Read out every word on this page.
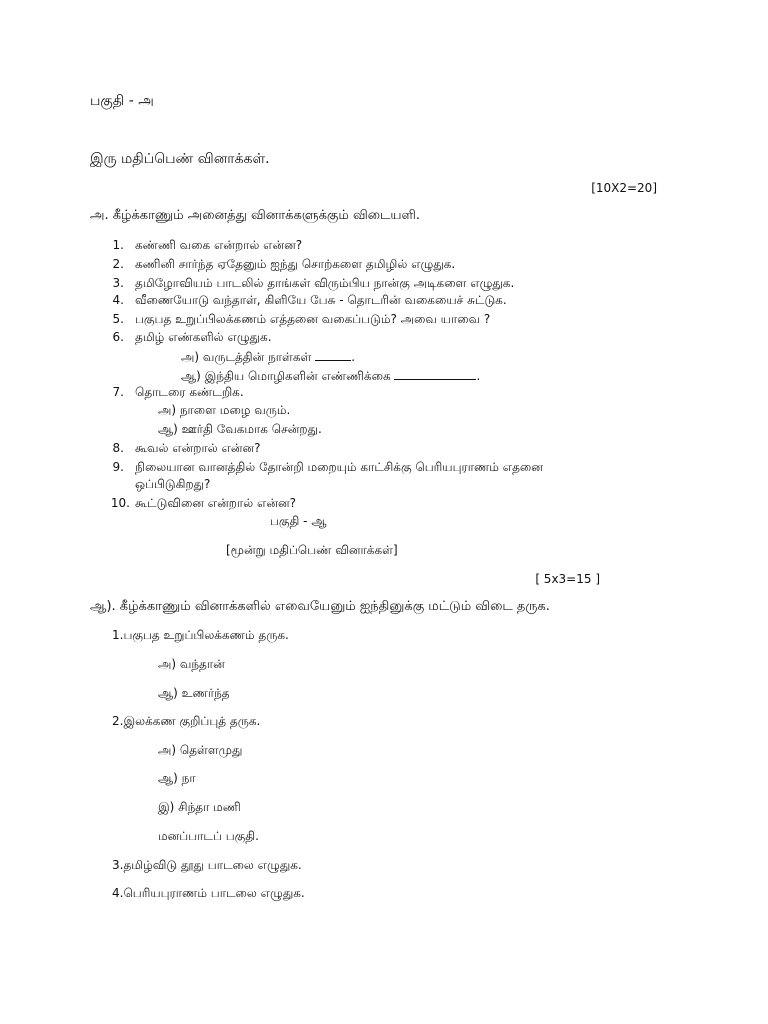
பகுதி - அ
இரு மதிப்பெண் வினாக்கள்.
[10X2=20]
அ. கீழ்க்காணும் அனைத்து வினாக்களுக்கும் விடையளி.
1. கண்ணி வகை என்றால் என்ன?
2. கணினி சார்ந்த ஏதேனும் ஐந்து சொற்களை தமிழில் எழுதுக.
3. தமிழோவியம் பாடலில் தாங்கள் விரும்பிய நான்கு அடிகளை எழுதுக.
4. வீணையோடு வந்தாள், கிளியே பேசு - தொடரின் வகையைச் சுட்டுக.
5. பகுபத உறுப்பிலக்கணம் எத்தனை வகைப்படும்? அவை யாவை ?
6. தமிழ் எண்களில் எழுதுக.
அ) வருடத்தின் நாள்கள்	.
ஆ) இந்திய மொழிகளின் எண்ணிக்கை	.
7. தொடரை கண்டறிக.
அ) நாளை மழை வரும்.
ஆ) ஊர்தி வேகமாக சென்றது.
8. கூவல் என்றால் என்ன?
9. நிலையான வானத்தில் தோன்றி மறையும் காட்சிக்கு பெரியபுராணம் எதனை
ஒப்பிடுகிறது?
10. கூட்டுவினை என்றால் என்ன?
பகுதி - ஆ
[மூன்று மதிப்பெண் வினாக்கள்]
[ 5x3=15 ]
ஆ). கீழ்க்காணும் வினாக்களில் எவையேனும் ஐந்தினுக்கு மட்டும் விடை தருக.
1.பகுபத உறுப்பிலக்கணம் தருக.
அ) வந்தான்
ஆ) உணர்ந்த
2.இலக்கண குறிப்புத் தருக.
அ) தெள்ளமுது
ஆ) நா
இ) சிந்தா மணி
மனப்பாடப் பகுதி.
3.தமிழ்விடு தூது பாடலை எழுதுக.
4.பெரியபுராணம் பாடலை எழுதுக.
